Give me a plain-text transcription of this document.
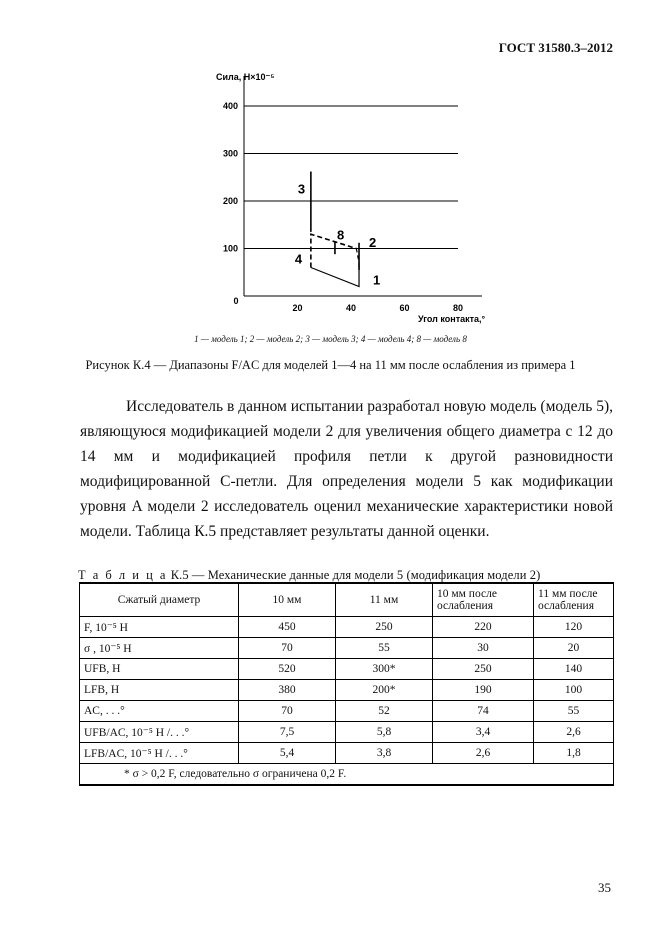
ГОСТ 31580.3–2012
100
200
300
400
0
20	40	60	80
3
8 2
4
1
Сила, Н×10⁻⁵
Угол контакта,°
1 — модель 1; 2 — модель 2; 3 — модель 3; 4 — модель 4; 8 — модель 8
Рисунок К.4 — Диапазоны F/AC для моделей 1—4 на 11 мм после ослабления из примера 1

Исследователь в данном испытании разработал новую модель (модель 5), являющуюся модификацией модели 2 для увеличения общего диаметра с 12 до 14 мм и модификацией профиля петли к другой разновидности модифицированной C-петли. Для определения модели 5 как модификации уровня A модели 2 исследователь оценил механические характеристики новой модели. Таблица К.5 представляет результаты данной оценки.

Т а б л и ц а К.5 — Механические данные для модели 5 (модификация модели 2)
Сжатый диаметр	10 мм	11 мм	10 мм после ослабления	11 мм после ослабления
F, 10⁻⁵ Н	450	250	220	120
σ , 10⁻⁵ Н	70	55	30	20
UFB, Н	520	300*	250	140
LFB, Н	380	200*	190	100
AC, . . .°	70	52	74	55
UFB/AC, 10⁻⁵ Н /. . .°	7,5	5,8	3,4	2,6
LFB/AC, 10⁻⁵ Н /. . .°	5,4	3,8	2,6	1,8
* σ > 0,2 F, следовательно σ ограничена 0,2 F.				
35
